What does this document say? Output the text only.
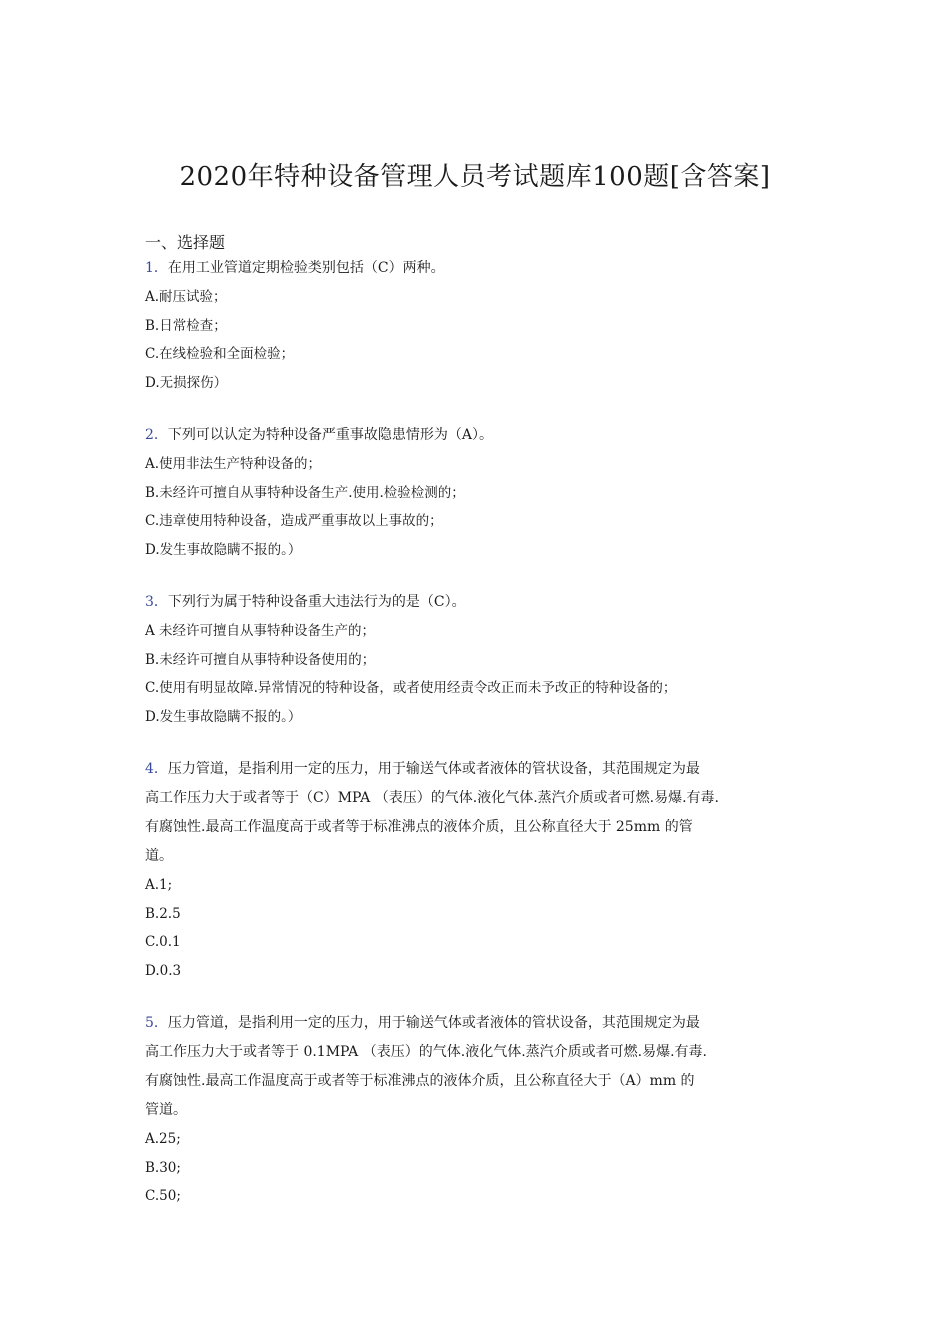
2020年特种设备管理人员考试题库100题[含答案]
一、选择题
1．在用工业管道定期检验类别包括（C）两种。
A.耐压试验；
B.日常检查；
C.在线检验和全面检验；
D.无损探伤）
2．下列可以认定为特种设备严重事故隐患情形为（A）。
A.使用非法生产特种设备的；
B.未经许可擅自从事特种设备生产.使用.检验检测的；
C.违章使用特种设备，造成严重事故以上事故的；
D.发生事故隐瞒不报的。）
3．下列行为属于特种设备重大违法行为的是（C）。
A 未经许可擅自从事特种设备生产的；
B.未经许可擅自从事特种设备使用的；
C.使用有明显故障.异常情况的特种设备，或者使用经责令改正而未予改正的特种设备的；
D.发生事故隐瞒不报的。）
4．压力管道，是指利用一定的压力，用于输送气体或者液体的管状设备，其范围规定为最
高工作压力大于或者等于（C）MPA （表压）的气体.液化气体.蒸汽介质或者可燃.易爆.有毒.
有腐蚀性.最高工作温度高于或者等于标准沸点的液体介质，且公称直径大于 25mm 的管
道。
A.1;
B.2.5
C.0.1
D.0.3
5．压力管道，是指利用一定的压力，用于输送气体或者液体的管状设备，其范围规定为最
高工作压力大于或者等于 0.1MPA （表压）的气体.液化气体.蒸汽介质或者可燃.易爆.有毒.
有腐蚀性.最高工作温度高于或者等于标准沸点的液体介质，且公称直径大于（A）mm 的
管道。
A.25;
B.30;
C.50;
